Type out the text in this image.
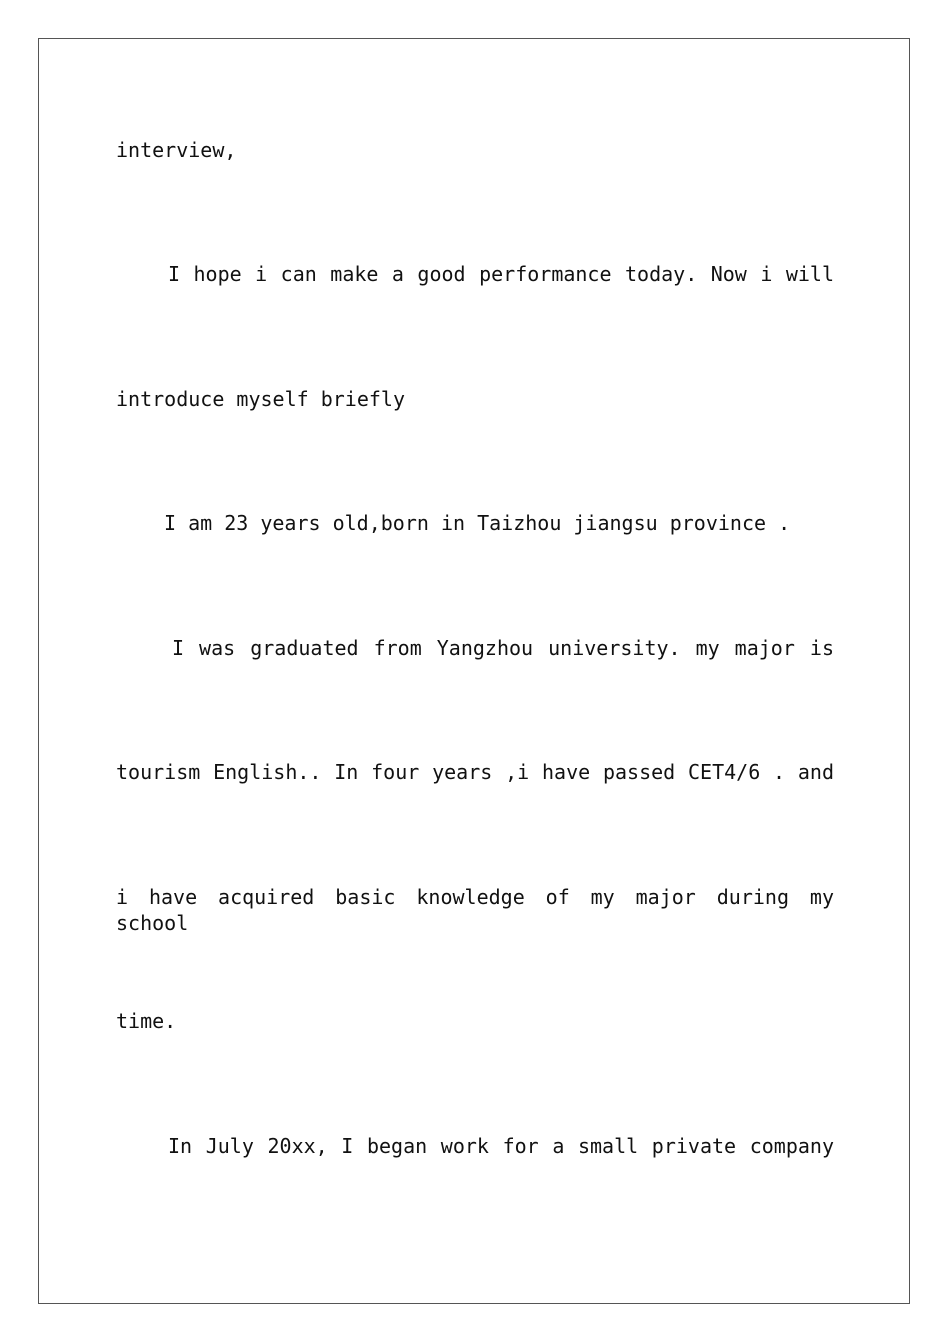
interview,
I hope i can make a good performance today. Now i will
introduce myself briefly
I am 23 years old,born in Taizhou jiangsu province .
I was graduated from Yangzhou university. my major is
tourism English.. In four years ,i have passed CET4/6 . and
i have acquired basic knowledge of my major during my school
time.
In July 20xx, I began work for a small private company
